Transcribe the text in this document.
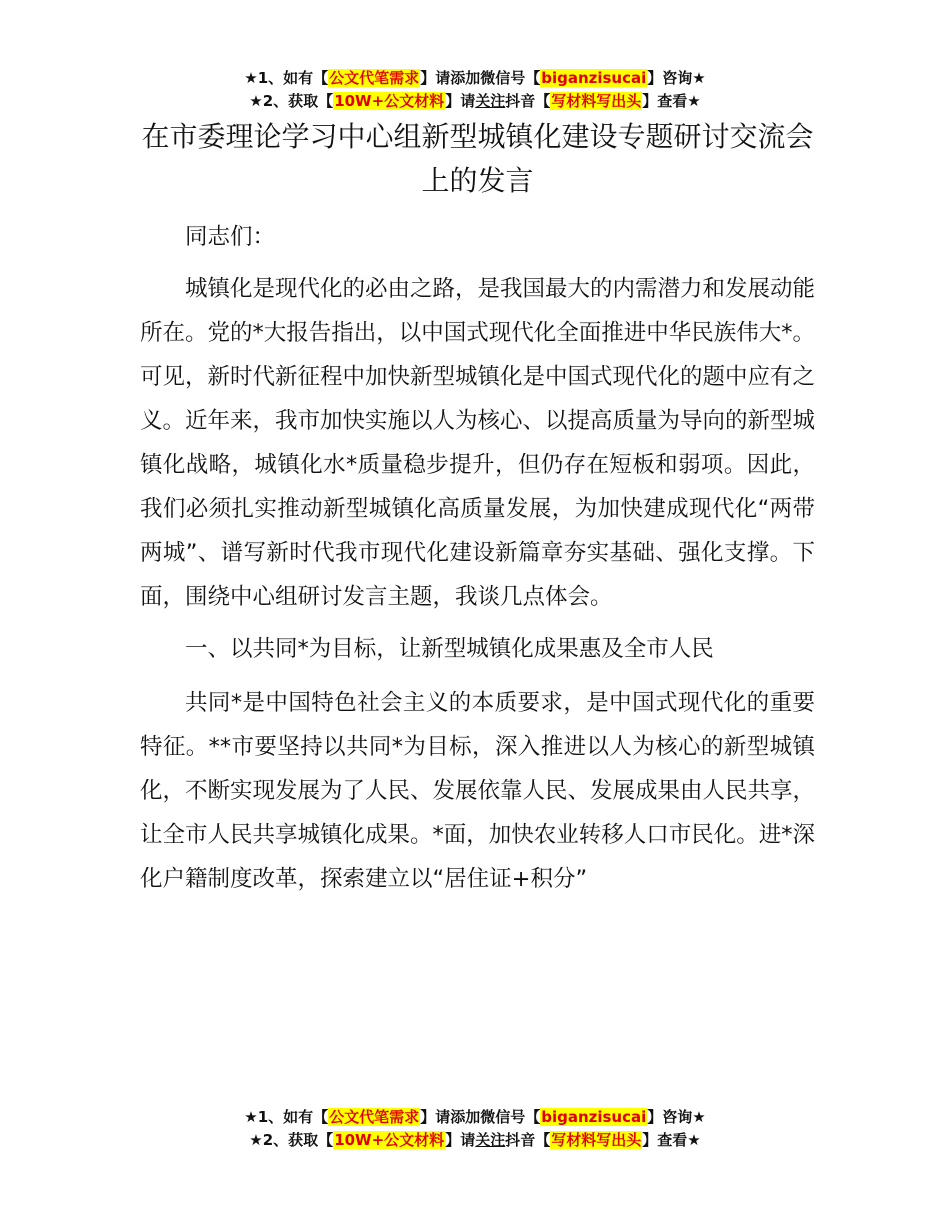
★1、如有【公文代笔需求】请添加微信号【biganzisucai】咨询★
★2、获取【10W+公文材料】请关注抖音【写材料写出头】查看★
在市委理论学习中心组新型城镇化建设专题研讨交流会上的发言

同志们：

城镇化是现代化的必由之路，是我国最大的内需潜力和发展动能所在。党的*大报告指出，以中国式现代化全面推进中华民族伟大*。可见，新时代新征程中加快新型城镇化是中国式现代化的题中应有之义。近年来，我市加快实施以人为核心、以提高质量为导向的新型城镇化战略，城镇化水*质量稳步提升，但仍存在短板和弱项。因此，我们必须扎实推动新型城镇化高质量发展，为加快建成现代化“两带两城”、谱写新时代我市现代化建设新篇章夯实基础、强化支撑。下面，围绕中心组研讨发言主题，我谈几点体会。

一、以共同*为目标，让新型城镇化成果惠及全市人民

共同*是中国特色社会主义的本质要求，是中国式现代化的重要特征。**市要坚持以共同*为目标，深入推进以人为核心的新型城镇化，不断实现发展为了人民、发展依靠人民、发展成果由人民共享，让全市人民共享城镇化成果。*面，加快农业转移人口市民化。进*深化户籍制度改革，探索建立以“居住证+积分”

★1、如有【公文代笔需求】请添加微信号【biganzisucai】咨询★
★2、获取【10W+公文材料】请关注抖音【写材料写出头】查看★
